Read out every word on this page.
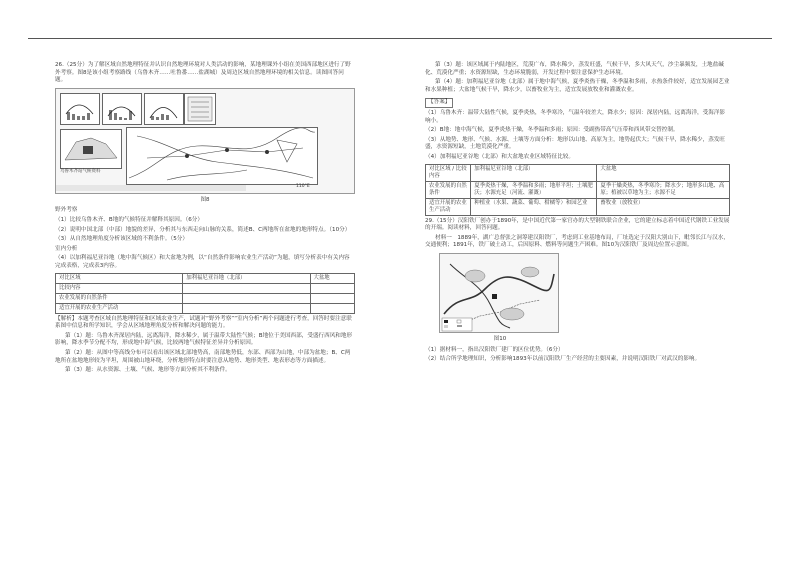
26.（25分）为了解区域自然地理特征并认识自然地理环境对人类活动的影响，某地理课外小组在美国西部地区进行了野外考察。图8是该小组考察路线（乌鲁木齐……吐鲁番……盐湖城）及周边区域自然地理环境的相关信息。读图回答问题。

乌鲁木齐站气候资料
110°E
图8

野外考察

（1）比较乌鲁木齐、B地的气候特征并解释其原因。（6分）

（2）说明中国北部（中部）地貌的差异，分析其与东西走向山脉的关系，简述B、C两地所在盆地的地形特点。（10分）

（3）从自然地理角度分析该区域的不利条件。（5分）

室内分析

（4）以加利福尼亚谷地（地中海气候区）和大盆地为例，以“自然条件影响农业生产活动”为题，填写分析表中有关内容完成表格，完成表3内容。

对比区域	加利福尼亚谷地（北部）	大盆地
比较内容		
农业发展的自然条件		
适宜开展的农业生产活动		

【解析】本题考查区域自然地理特征和区域农业生产，试题对“野外考察”“室内分析”两个问题进行考查，回答时要注意联系图中信息和所学知识，学会从区域地理角度分析和解决问题的能力。

第（1）题：乌鲁木齐深居内陆，远离海洋，降水稀少，属于温带大陆性气候；B地位于美国西部，受盛行西风和地形影响，降水季节分配不均，形成地中海气候，比较两地气候特征差异并分析原因。

第（2）题：从图中等高线分布可以看出该区域北部地势高，南部地势低，东部、西部为山地，中部为盆地；B、C两地所在盆地地形较为平坦，周围被山地环绕，分析地形特点时要注意从地势、地形类型、地表形态等方面描述。

第（3）题：从水资源、土壤、气候、地形等方面分析其不利条件。

第（3）题：该区域属于内陆地区，荒漠广布，降水稀少，蒸发旺盛，气候干旱，多大风天气，沙尘暴频发，土地盐碱化、荒漠化严重；水资源短缺，生态环境脆弱，开发过程中要注意保护生态环境。

第（4）题：加利福尼亚谷地（北部）属于地中海气候，夏季炎热干燥，冬季温和多雨，水热条件较好，适宜发展园艺业和水果种植；大盆地气候干旱，降水少，以畜牧业为主，适宜发展放牧业和灌溉农业。

【答案】

（1）乌鲁木齐：温带大陆性气候，夏季炎热，冬季寒冷，气温年较差大，降水少；原因：深居内陆，远离海洋，受海洋影响小。

（2）B地：地中海气候，夏季炎热干燥，冬季温和多雨；原因：受副热带高气压带和西风带交替控制。

（3）从地势、地形、气候、水源、土壤等方面分析：地形以山地、高原为主，地势起伏大；气候干旱，降水稀少，蒸发旺盛，水资源短缺，土地荒漠化严重。

（4）加利福尼亚谷地（北部）和大盆地农业区域特征比较。

对比区域 / 比较内容	加利福尼亚谷地（北部）	大盆地
农业发展的自然条件	夏季炎热干燥，冬季温和多雨；地形平坦；土壤肥沃；水源充足（河流、灌溉）	夏季干燥炎热，冬季寒冷；降水少；地形多山地、高原；植被以草地为主；水源不足
适宜开展的农业生产活动	种植业（水果、蔬菜、葡萄、柑橘等）和园艺业	畜牧业（放牧业）

29.（15分）汉阳铁厂创办于1890年，是中国近代第一家官办的大型钢铁联合企业，它的建立标志着中国近代钢铁工业发展的开端。阅读材料，回答问题。

材料一　1889年，湖广总督张之洞筹建汉阳铁厂，考虑到工业基地布局，厂址选定于汉阳大别山下，毗邻长江与汉水，交通便利；1891年，铁厂破土动工，后因原料、燃料等问题生产困难。图10为汉阳铁厂及周边位置示意图。

图10

（1）据材料一，指出汉阳铁厂建厂的区位优势。（6分）

（2）结合所学地理知识，分析影响1893年以前汉阳铁厂生产经营的主要因素，并说明汉阳铁厂对武汉的影响。
